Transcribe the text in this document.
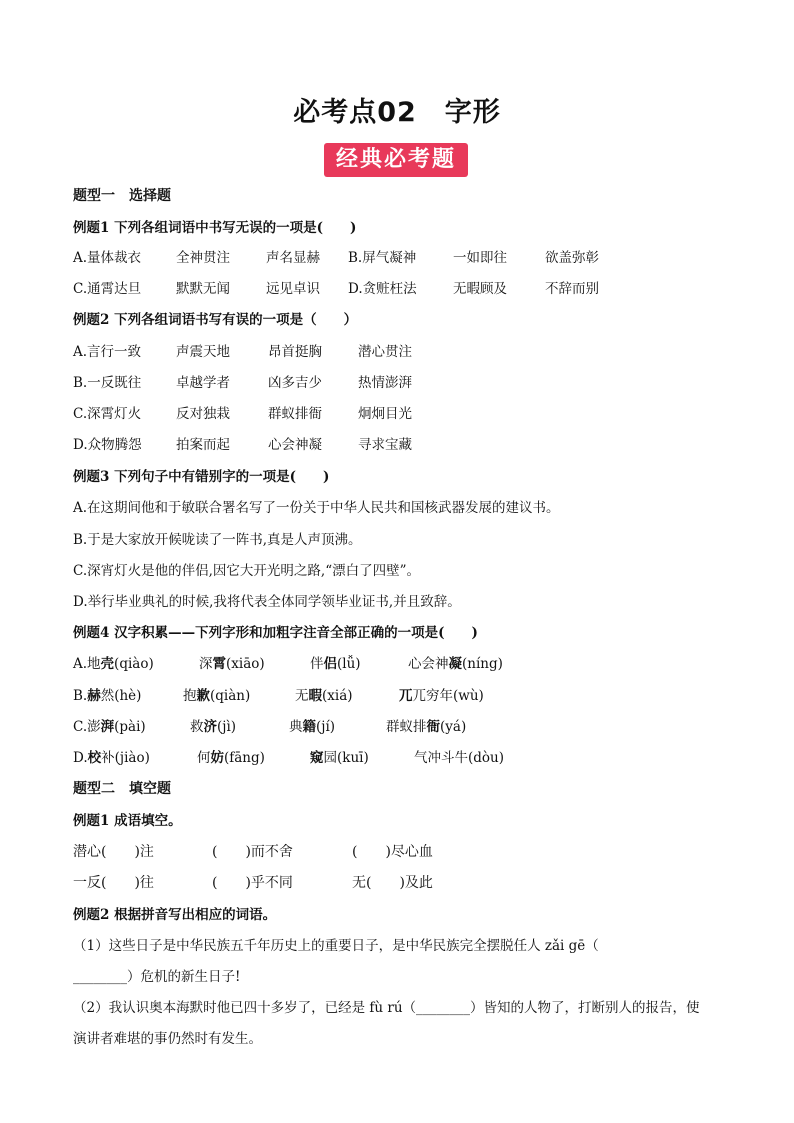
必考点02　字形
经典必考题
题型一　选择题
例题1 下列各组词语中书写无误的一项是(　　)
A.量体裁衣	全神贯注	声名显赫 B.屏气凝神	一如即往	欲盖弥彰
C.通霄达旦	默默无闻	远见卓识 D.贪赃枉法	无暇顾及	不辞而别
例题2 下列各组词语书写有误的一项是（　　）
A.言行一致	声震天地	昂首挺胸	潜心贯注
B.一反既往	卓越学者	凶多吉少	热情澎湃
C.深霄灯火	反对独栽	群蚁排衙	炯炯目光
D.众物腾怨	拍案而起	心会神凝	寻求宝藏
例题3 下列句子中有错别字的一项是(　　)
A.在这期间他和于敏联合署名写了一份关于中华人民共和国核武器发展的建议书。
B.于是大家放开候咙读了一阵书,真是人声顶沸。
C.深宵灯火是他的伴侣,因它大开光明之路,“漂白了四壁”。
D.举行毕业典礼的时候,我将代表全体同学领毕业证书,并且致辞。
例题4 汉字积累——下列字形和加粗字注音全部正确的一项是(　　)
A.地壳(qiào)	深霄(xiāo)	伴侣(lǚ)	心会神凝(níng)
B.赫然(hè)	抱歉(qiàn)	无暇(xiá)	兀兀穷年(wù)
C.澎湃(pài)	救济(jì)	典籍(jí)	群蚁排衙(yá)
D.校补(jiào)	何妨(fāng)	窥园(kuī)	气冲斗牛(dòu)
题型二　填空题
例题1 成语填空。
潜心(　　)注	(　　)而不舍	(　　)尽心血
一反(　　)往	(　　)乎不同	无(　　)及此
例题2 根据拼音写出相应的词语。
（1）这些日子是中华民族五千年历史上的重要日子，是中华民族完全摆脱任人 zǎi gē（
________）危机的新生日子!
（2）我认识奥本海默时他已四十多岁了，已经是 fù rú（________）皆知的人物了，打断别人的报告，使
演讲者难堪的事仍然时有发生。
